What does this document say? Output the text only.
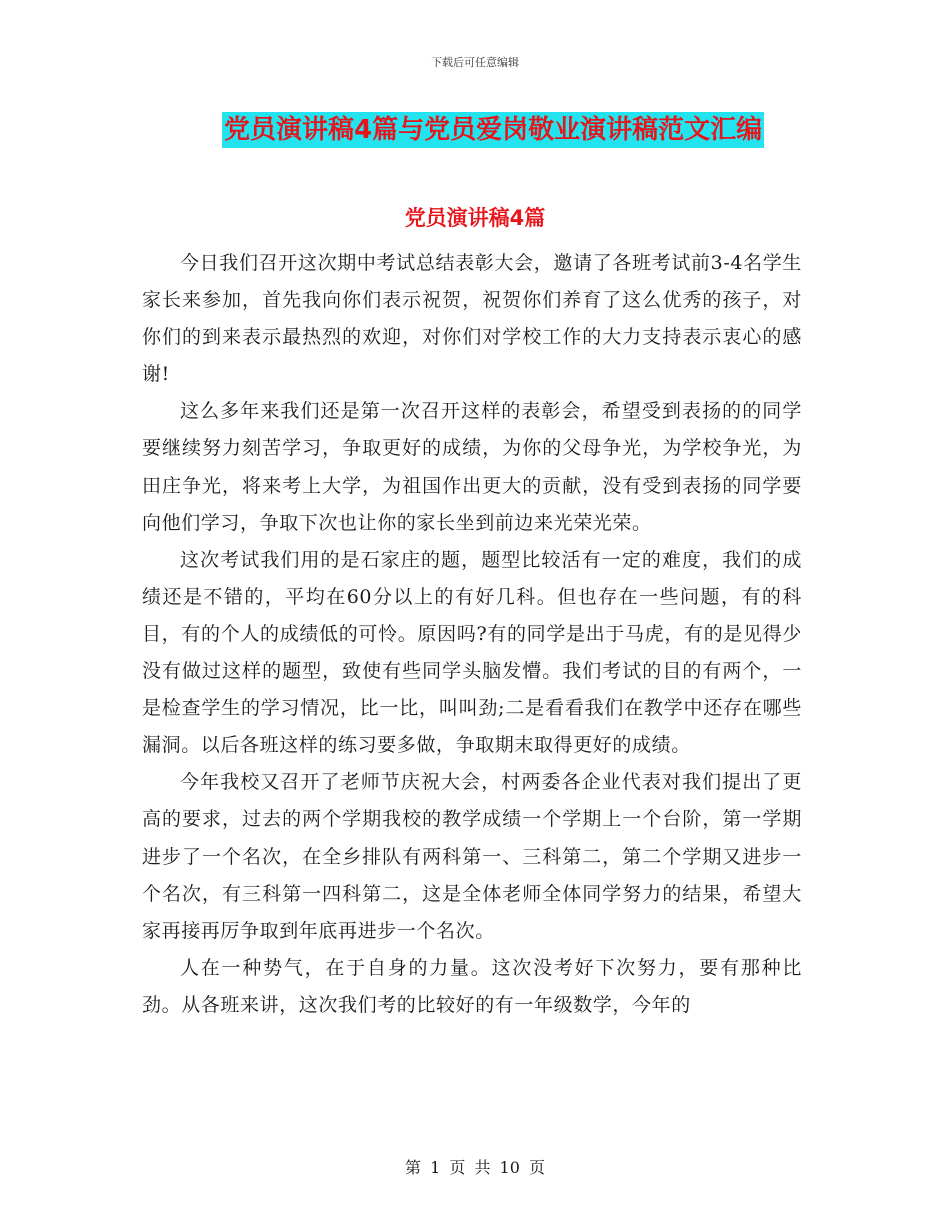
下载后可任意编辑
党员演讲稿4篇与党员爱岗敬业演讲稿范文汇编
党员演讲稿4篇

今日我们召开这次期中考试总结表彰大会，邀请了各班考试前3-4名学生家长来参加，首先我向你们表示祝贺，祝贺你们养育了这么优秀的孩子，对你们的到来表示最热烈的欢迎，对你们对学校工作的大力支持表示衷心的感谢!

这么多年来我们还是第一次召开这样的表彰会，希望受到表扬的的同学要继续努力刻苦学习，争取更好的成绩，为你的父母争光，为学校争光，为田庄争光，将来考上大学，为祖国作出更大的贡献，没有受到表扬的同学要向他们学习，争取下次也让你的家长坐到前边来光荣光荣。

这次考试我们用的是石家庄的题，题型比较活有一定的难度，我们的成绩还是不错的，平均在60分以上的有好几科。但也存在一些问题，有的科目，有的个人的成绩低的可怜。原因吗?有的同学是出于马虎，有的是见得少没有做过这样的题型，致使有些同学头脑发懵。我们考试的目的有两个，一是检查学生的学习情况，比一比，叫叫劲;二是看看我们在教学中还存在哪些漏洞。以后各班这样的练习要多做，争取期末取得更好的成绩。

今年我校又召开了老师节庆祝大会，村两委各企业代表对我们提出了更高的要求，过去的两个学期我校的教学成绩一个学期上一个台阶，第一学期进步了一个名次，在全乡排队有两科第一、三科第二，第二个学期又进步一个名次，有三科第一四科第二，这是全体老师全体同学努力的结果，希望大家再接再厉争取到年底再进步一个名次。

人在一种势气，在于自身的力量。这次没考好下次努力，要有那种比劲。从各班来讲，这次我们考的比较好的有一年级数学，今年的

第 1 页 共 10 页
